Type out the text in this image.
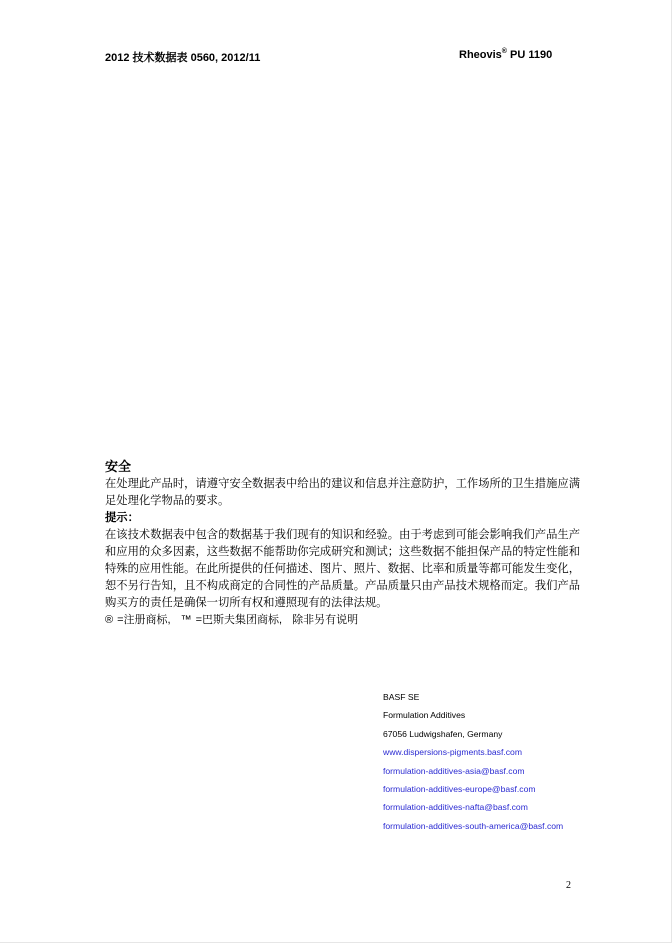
2012 技术数据表 0560, 2012/11	Rheovis® PU 1190

安全

在处理此产品时，请遵守安全数据表中给出的建议和信息并注意防护，工作场所的卫生措施应满足处理化学物品的要求。

提示：

在该技术数据表中包含的数据基于我们现有的知识和经验。由于考虑到可能会影响我们产品生产和应用的众多因素，这些数据不能帮助你完成研究和测试；这些数据不能担保产品的特定性能和特殊的应用性能。在此所提供的任何描述、图片、照片、数据、比率和质量等都可能发生变化，恕不另行告知，且不构成商定的合同性的产品质量。产品质量只由产品技术规格而定。我们产品购买方的责任是确保一切所有权和遵照现有的法律法规。

® =注册商标, ™ =巴斯夫集团商标, 除非另有说明

BASF SE
Formulation Additives
67056 Ludwigshafen, Germany
www.dispersions-pigments.basf.com
formulation-additives-asia@basf.com
formulation-additives-europe@basf.com
formulation-additives-nafta@basf.com
formulation-additives-south-america@basf.com
2
